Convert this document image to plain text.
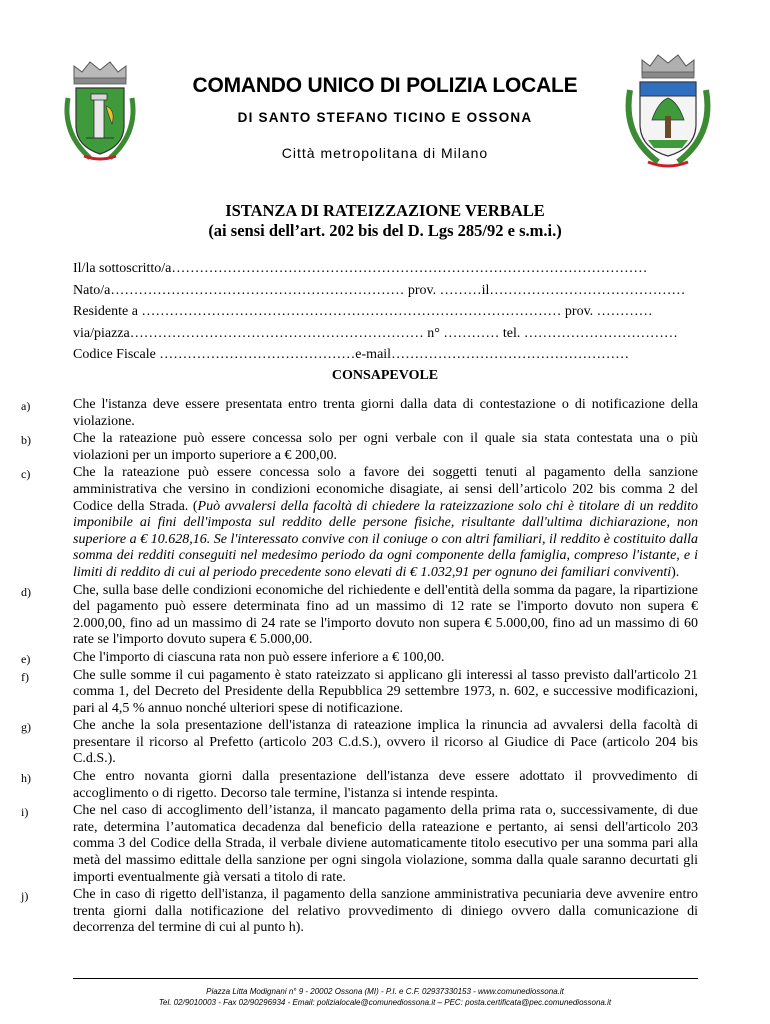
COMANDO UNICO DI POLIZIA LOCALE
DI SANTO STEFANO TICINO E OSSONA
Città metropolitana di Milano
ISTANZA DI RATEIZZAZIONE VERBALE
(ai sensi dell’art. 202 bis del D. Lgs 285/92 e s.m.i.)
Il/la sottoscritto/a…………………………………………………………………………………………
Nato/a……………………………………………………… prov. ………il……………………………………
Residente a ……………………………………………………………………………… prov. …………
via/piazza……………………………………………………… n° ………… tel. ……………………………
Codice Fiscale ……………………………………e-mail……………………………………………
CONSAPEVOLE
a)	Che l'istanza deve essere presentata entro trenta giorni dalla data di contestazione o di notificazione della violazione.
b)	Che la rateazione può essere concessa solo per ogni verbale con il quale sia stata contestata una o più violazioni per un importo superiore a € 200,00.
c)	Che la rateazione può essere concessa solo a favore dei soggetti tenuti al pagamento della sanzione amministrativa che versino in condizioni economiche disagiate, ai sensi dell’articolo 202 bis comma 2 del Codice della Strada. (Può avvalersi della facoltà di chiedere la rateizzazione solo chi è titolare di un reddito imponibile ai fini dell'imposta sul reddito delle persone fisiche, risultante dall'ultima dichiarazione, non superiore a € 10.628,16. Se l'interessato convive con il coniuge o con altri familiari, il reddito è costituito dalla somma dei redditi conseguiti nel medesimo periodo da ogni componente della famiglia, compreso l'istante, e i limiti di reddito di cui al periodo precedente sono elevati di € 1.032,91 per ognuno dei familiari conviventi).
d)	Che, sulla base delle condizioni economiche del richiedente e dell'entità della somma da pagare, la ripartizione del pagamento può essere determinata fino ad un massimo di 12 rate se l'importo dovuto non supera € 2.000,00, fino ad un massimo di 24 rate se l'importo dovuto non supera € 5.000,00, fino ad un massimo di 60 rate se l'importo dovuto supera € 5.000,00.
e)	Che l'importo di ciascuna rata non può essere inferiore a € 100,00.
f)	Che sulle somme il cui pagamento è stato rateizzato si applicano gli interessi al tasso previsto dall'articolo 21 comma 1, del Decreto del Presidente della Repubblica 29 settembre 1973, n. 602, e successive modificazioni, pari al 4,5 % annuo nonché ulteriori spese di notificazione.
g)	Che anche la sola presentazione dell'istanza di rateazione implica la rinuncia ad avvalersi della facoltà di presentare il ricorso al Prefetto (articolo 203 C.d.S.), ovvero il ricorso al Giudice di Pace (articolo 204 bis C.d.S.).
h)	Che entro novanta giorni dalla presentazione dell'istanza deve essere adottato il provvedimento di accoglimento o di rigetto. Decorso tale termine, l'istanza si intende respinta.
i)	Che nel caso di accoglimento dell’istanza, il mancato pagamento della prima rata o, successivamente, di due rate, determina l’automatica decadenza dal beneficio della rateazione e pertanto, ai sensi dell'articolo 203 comma 3 del Codice della Strada, il verbale diviene automaticamente titolo esecutivo per una somma pari alla metà del massimo edittale della sanzione per ogni singola violazione, somma dalla quale saranno decurtati gli importi eventualmente già versati a titolo di rate.
j)	Che in caso di rigetto dell'istanza, il pagamento della sanzione amministrativa pecuniaria deve avvenire entro trenta giorni dalla notificazione del relativo provvedimento di diniego ovvero dalla comunicazione di decorrenza del termine di cui al punto h).
Piazza Litta Modignani n° 9 - 20002 Ossona (MI) - P.I. e C.F. 02937330153 - www.comunediossona.it
Tel. 02/9010003 - Fax 02/90296934 - Email: polizialocale@comunediossona.it – PEC: posta.certificata@pec.comunediossona.it
